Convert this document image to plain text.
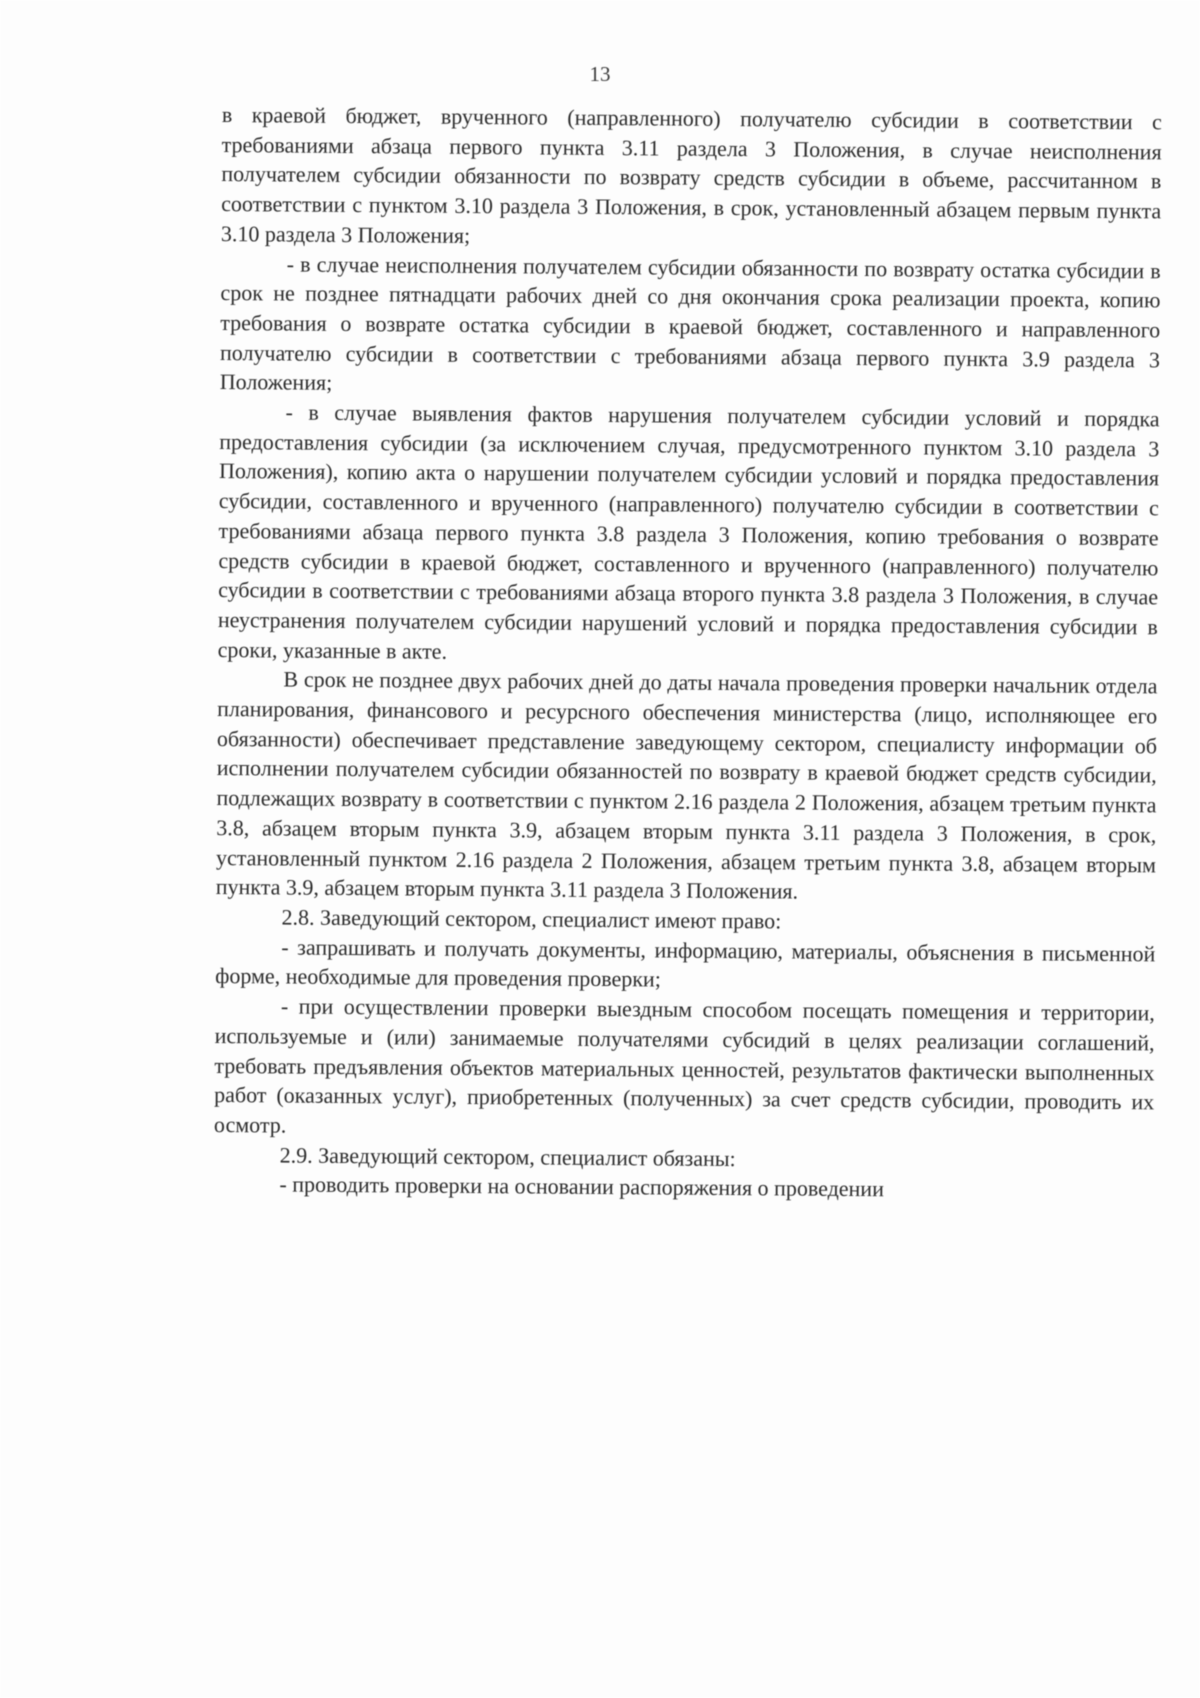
13

в краевой бюджет, врученного (направленного) получателю субсидии в соответствии с требованиями абзаца первого пункта 3.11 раздела 3 Положения, в случае неисполнения получателем субсидии обязанности по возврату средств субсидии в объеме, рассчитанном в соответствии с пунктом 3.10 раздела 3 Положения, в срок, установленный абзацем первым пункта 3.10 раздела 3 Положения;

- в случае неисполнения получателем субсидии обязанности по возврату остатка субсидии в срок не позднее пятнадцати рабочих дней со дня окончания срока реализации проекта, копию требования о возврате остатка субсидии в краевой бюджет, составленного и направленного получателю субсидии в соответствии с требованиями абзаца первого пункта 3.9 раздела 3 Положения;

- в случае выявления фактов нарушения получателем субсидии условий и порядка предоставления субсидии (за исключением случая, предусмотренного пунктом 3.10 раздела 3 Положения), копию акта о нарушении получателем субсидии условий и порядка предоставления субсидии, составленного и врученного (направленного) получателю субсидии в соответствии с требованиями абзаца первого пункта 3.8 раздела 3 Положения, копию требования о возврате средств субсидии в краевой бюджет, составленного и врученного (направленного) получателю субсидии в соответствии с требованиями абзаца второго пункта 3.8 раздела 3 Положения, в случае неустранения получателем субсидии нарушений условий и порядка предоставления субсидии в сроки, указанные в акте.

В срок не позднее двух рабочих дней до даты начала проведения проверки начальник отдела планирования, финансового и ресурсного обеспечения министерства (лицо, исполняющее его обязанности) обеспечивает представление заведующему сектором, специалисту информации об исполнении получателем субсидии обязанностей по возврату в краевой бюджет средств субсидии, подлежащих возврату в соответствии с пунктом 2.16 раздела 2 Положения, абзацем третьим пункта 3.8, абзацем вторым пункта 3.9, абзацем вторым пункта 3.11 раздела 3 Положения, в срок, установленный пунктом 2.16 раздела 2 Положения, абзацем третьим пункта 3.8, абзацем вторым пункта 3.9, абзацем вторым пункта 3.11 раздела 3 Положения.

2.8. Заведующий сектором, специалист имеют право:

- запрашивать и получать документы, информацию, материалы, объяснения в письменной форме, необходимые для проведения проверки;

- при осуществлении проверки выездным способом посещать помещения и территории, используемые и (или) занимаемые получателями субсидий в целях реализации соглашений, требовать предъявления объектов материальных ценностей, результатов фактически выполненных работ (оказанных услуг), приобретенных (полученных) за счет средств субсидии, проводить их осмотр.

2.9. Заведующий сектором, специалист обязаны:

- проводить проверки на основании распоряжения о проведении
